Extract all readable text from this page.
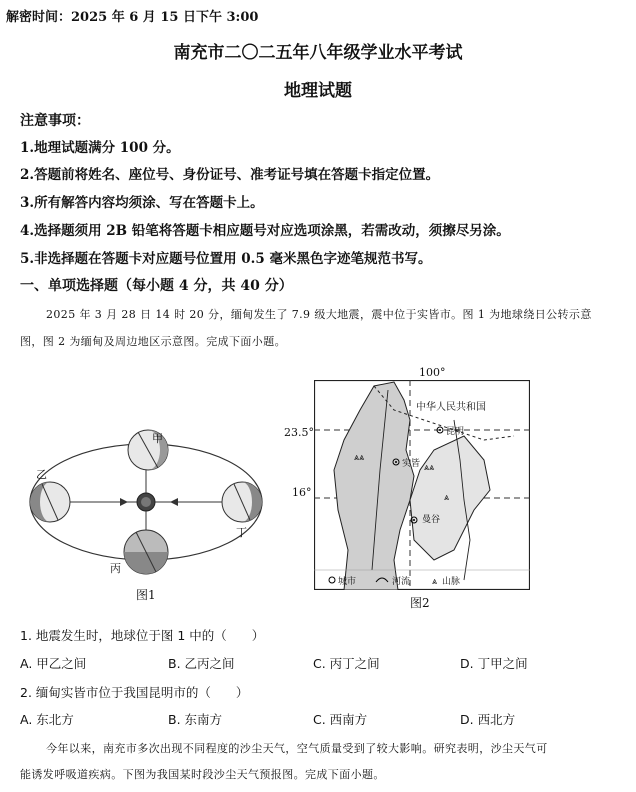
解密时间：2025 年 6 月 15 日下午 3:00
南充市二〇二五年八年级学业水平考试
地理试题
注意事项：
1.地理试题满分 100 分。
2.答题前将姓名、座位号、身份证号、准考证号填在答题卡指定位置。
3.所有解答内容均须涂、写在答题卡上。
4.选择题须用 2B 铅笔将答题卡相应题号对应选项涂黑，若需改动，须擦尽另涂。
5.非选择题在答题卡对应题号位置用 0.5 毫米黑色字迹笔规范书写。
一、单项选择题（每小题 4 分，共 40 分）
2025 年 3 月 28 日 14 时 20 分，缅甸发生了 7.9 级大地震，震中位于实皆市。图 1 为地球绕日公转示意
图，图 2 为缅甸及周边地区示意图。完成下面小题。
甲
乙
丁
丙
图1
100°
23.5°
16°
⩓⩓
⩓⩓
⩓
⩓
中华人民共和国
昆明
实皆
曼谷
城市	河流	山脉
图2
1. 地震发生时，地球位于图 1 中的（　　）
A. 甲乙之间	B. 乙丙之间	C. 丙丁之间	D. 丁甲之间
2. 缅甸实皆市位于我国昆明市的（　　）
A. 东北方	B. 东南方	C. 西南方	D. 西北方
今年以来，南充市多次出现不同程度的沙尘天气，空气质量受到了较大影响。研究表明，沙尘天气可
能诱发呼吸道疾病。下图为我国某时段沙尘天气预报图。完成下面小题。
